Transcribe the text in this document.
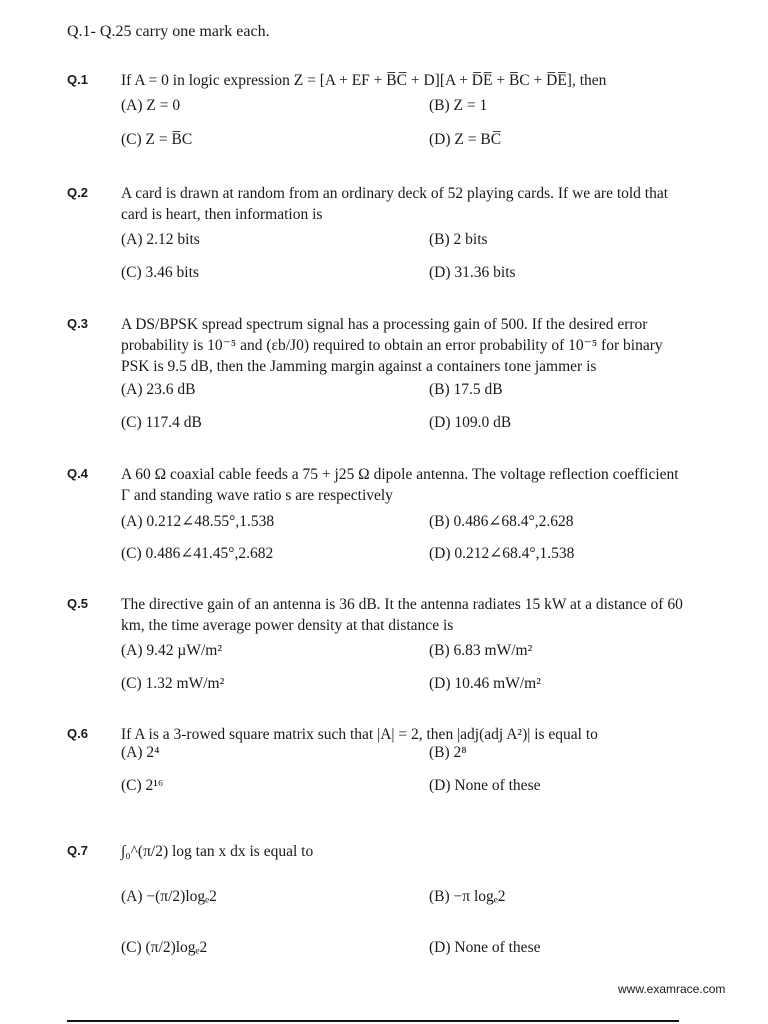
Q.1- Q.25 carry one mark each.
Q.1 If A = 0 in logic expression Z = [A + EF + B̅C̅ + D][A + D̅E̅ + B̅C + D̅E̅], then
(A) Z = 0	(B) Z = 1
(C) Z = B̅C	(D) Z = BC̅
Q.2 A card is drawn at random from an ordinary deck of 52 playing cards. If we are told that card is heart, then information is
(A) 2.12 bits	(B) 2 bits
(C) 3.46 bits	(D) 31.36 bits
Q.3 A DS/BPSK spread spectrum signal has a processing gain of 500. If the desired error probability is 10⁻⁵ and (εb/J0) required to obtain an error probability of 10⁻⁵ for binary PSK is 9.5 dB, then the Jamming margin against a containers tone jammer is
(A) 23.6 dB	(B) 17.5 dB
(C) 117.4 dB	(D) 109.0 dB
Q.4 A 60 Ω coaxial cable feeds a 75 + j25 Ω dipole antenna. The voltage reflection coefficient Γ and standing wave ratio s are respectively
(A) 0.212∠48.55°,1.538	(B) 0.486∠68.4°,2.628
(C) 0.486∠41.45°,2.682	(D) 0.212∠68.4°,1.538
Q.5 The directive gain of an antenna is 36 dB. It the antenna radiates 15 kW at a distance of 60 km, the time average power density at that distance is
(A) 9.42 µW/m²	(B) 6.83 mW/m²
(C) 1.32 mW/m²	(D) 10.46 mW/m²
Q.6 If A is a 3-rowed square matrix such that |A| = 2, then |adj(adj A²)| is equal to
(A) 2⁴	(B) 2⁸
(C) 2¹⁶	(D) None of these
Q.7 ∫₀^(π/2) log tan x dx is equal to
(A) −(π/2)logₑ2	(B) −π logₑ2
(C) (π/2)logₑ2	(D) None of these
www.examrace.com
